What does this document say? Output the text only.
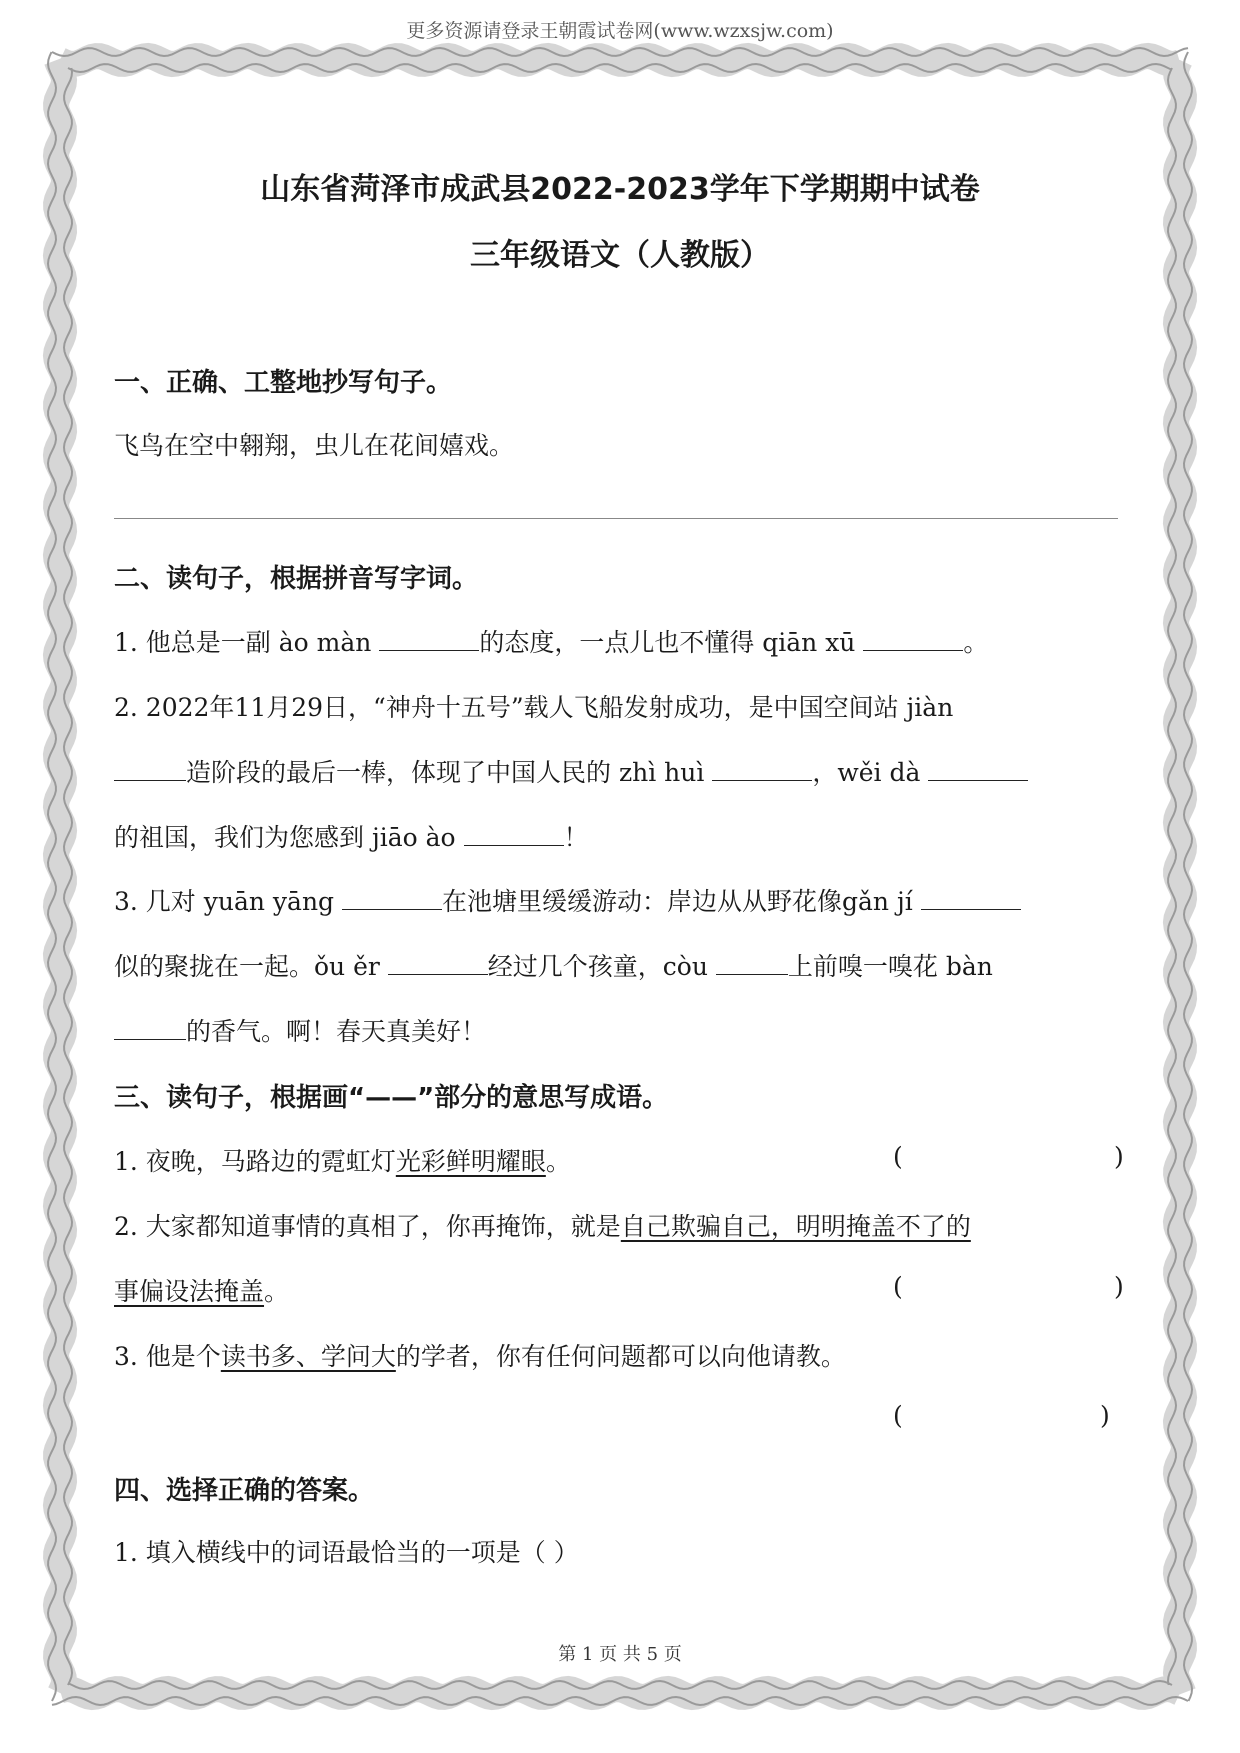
更多资源请登录王朝霞试卷网(www.wzxsjw.com)
山东省菏泽市成武县2022-2023学年下学期期中试卷
三年级语文（人教版）
一、正确、工整地抄写句子。
飞鸟在空中翱翔，虫儿在花间嬉戏。
二、读句子，根据拼音写字词。
1. 他总是一副 ào màn	的态度，一点儿也不懂得 qiān xū	。
2. 2022年11月29日，“神舟十五号”载人飞船发射成功，是中国空间站 jiàn
造阶段的最后一棒，体现了中国人民的 zhì huì	，wěi dà
的祖国，我们为您感到 jiāo ào	！
3. 几对 yuān yāng	在池塘里缓缓游动：岸边从从野花像gǎn jí
似的聚拢在一起。ǒu ěr	经过几个孩童，còu	上前嗅一嗅花 bàn
的香气。啊！春天真美好！
三、读句子，根据画“——”部分的意思写成语。
1. 夜晚，马路边的霓虹灯光彩鲜明耀眼。	(	)
2. 大家都知道事情的真相了，你再掩饰，就是自己欺骗自己，明明掩盖不了的
事偏设法掩盖。	(	)
3. 他是个读书多、学问大的学者，你有任何问题都可以向他请教。
(	)
四、选择正确的答案。
1. 填入横线中的词语最恰当的一项是（ ）
第 1 页 共 5 页
